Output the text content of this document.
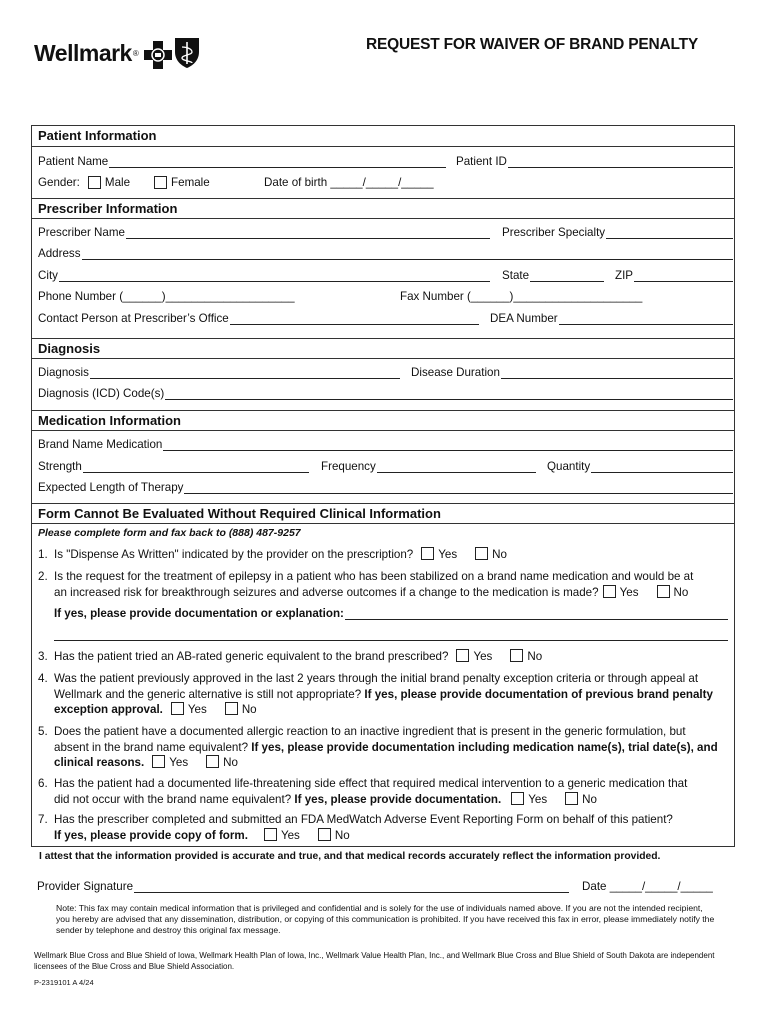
Wellmark ®	REQUEST FOR WAIVER OF BRAND PENALTY
Patient Information
Patient Name	Patient ID
Gender: Male	Female	Date of birth _____/_____/_____
Prescriber Information
Prescriber Name	Prescriber Specialty
Address
City	State	ZIP
Phone Number (______)____________________	Fax Number (______)____________________
Contact Person at Prescriber’s Office	DEA Number
Diagnosis
Diagnosis	Disease Duration
Diagnosis (ICD) Code(s)
Medication Information
Brand Name Medication
Strength	Frequency	Quantity
Expected Length of Therapy
Form Cannot Be Evaluated Without Required Clinical Information
Please complete form and fax back to (888) 487-9257
1. Is "Dispense As Written" indicated by the provider on the prescription? Yes	No
2. Is the request for the treatment of epilepsy in a patient who has been stabilized on a brand name medication and would be at
an increased risk for breakthrough seizures and adverse outcomes if a change to the medication is made? Yes	No
If yes, please provide documentation or explanation:
3. Has the patient tried an AB-rated generic equivalent to the brand prescribed? Yes	No
4. Was the patient previously approved in the last 2 years through the initial brand penalty exception criteria or through appeal at
Wellmark and the generic alternative is still not appropriate? If yes, please provide documentation of previous brand penalty
exception approval. Yes	No
5. Does the patient have a documented allergic reaction to an inactive ingredient that is present in the generic formulation, but
absent in the brand name equivalent? If yes, please provide documentation including medication name(s), trial date(s), and
clinical reasons. Yes	No
6. Has the patient had a documented life-threatening side effect that required medical intervention to a generic medication that
did not occur with the brand name equivalent? If yes, please provide documentation. Yes	No
7. Has the prescriber completed and submitted an FDA MedWatch Adverse Event Reporting Form on behalf of this patient?
If yes, please provide copy of form.	Yes	No
I attest that the information provided is accurate and true, and that medical records accurately reflect the information provided.
Provider Signature	Date _____/_____/_____
Note: This fax may contain medical information that is privileged and confidential and is solely for the use of individuals named above. If you are not the intended recipient, you hereby are advised that any dissemination, distribution, or copying of this communication is prohibited. If you have received this fax in error, please immediately notify the sender by telephone and destroy this original fax message.
Wellmark Blue Cross and Blue Shield of Iowa, Wellmark Health Plan of Iowa, Inc., Wellmark Value Health Plan, Inc., and Wellmark Blue Cross and Blue Shield of South Dakota are independent licensees of the Blue Cross and Blue Shield Association.
P-2319101 A 4/24
